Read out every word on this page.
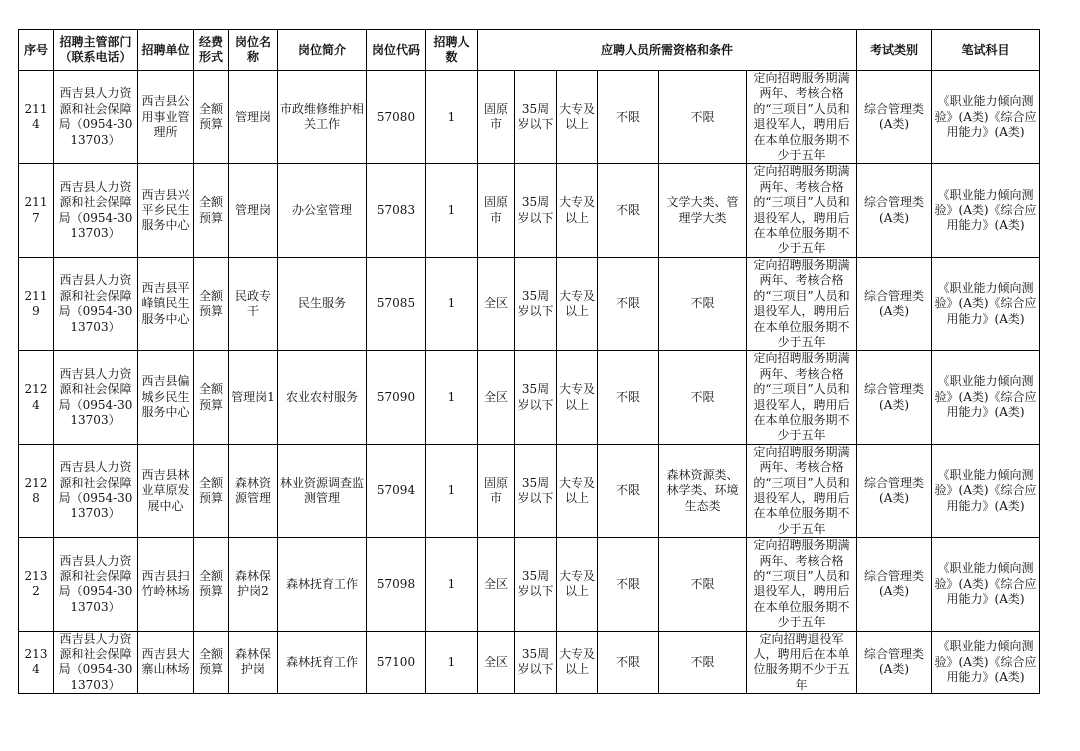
序号	招聘主管部门（联系电话）	招聘单位	经费形式	岗位名称	岗位简介	岗位代码	招聘人数	应聘人员所需资格和条件						考试类别	笔试科目
2114	西吉县人力资源和社会保障局（0954-3013703）	西吉县公用事业管理所	全额预算	管理岗	市政维修维护相关工作	57080	1	固原市	35周岁以下	大专及以上	不限	不限	定向招聘服务期满两年、考核合格的“三项目”人员和退役军人，聘用后在本单位服务期不少于五年	综合管理类(A类)	《职业能力倾向测验》(A类)《综合应用能力》(A类)
2117	西吉县人力资源和社会保障局（0954-3013703）	西吉县兴平乡民生服务中心	全额预算	管理岗	办公室管理	57083	1	固原市	35周岁以下	大专及以上	不限	文学大类、管理学大类	定向招聘服务期满两年、考核合格的“三项目”人员和退役军人，聘用后在本单位服务期不少于五年	综合管理类(A类)	《职业能力倾向测验》(A类)《综合应用能力》(A类)
2119	西吉县人力资源和社会保障局（0954-3013703）	西吉县平峰镇民生服务中心	全额预算	民政专干	民生服务	57085	1	全区	35周岁以下	大专及以上	不限	不限	定向招聘服务期满两年、考核合格的“三项目”人员和退役军人，聘用后在本单位服务期不少于五年	综合管理类(A类)	《职业能力倾向测验》(A类)《综合应用能力》(A类)
2124	西吉县人力资源和社会保障局（0954-3013703）	西吉县偏城乡民生服务中心	全额预算	管理岗1	农业农村服务	57090	1	全区	35周岁以下	大专及以上	不限	不限	定向招聘服务期满两年、考核合格的“三项目”人员和退役军人，聘用后在本单位服务期不少于五年	综合管理类(A类)	《职业能力倾向测验》(A类)《综合应用能力》(A类)
2128	西吉县人力资源和社会保障局（0954-3013703）	西吉县林业草原发展中心	全额预算	森林资源管理	林业资源调查监测管理	57094	1	固原市	35周岁以下	大专及以上	不限	森林资源类、林学类、环境生态类	定向招聘服务期满两年、考核合格的“三项目”人员和退役军人，聘用后在本单位服务期不少于五年	综合管理类(A类)	《职业能力倾向测验》(A类)《综合应用能力》(A类)
2132	西吉县人力资源和社会保障局（0954-3013703）	西吉县扫竹岭林场	全额预算	森林保护岗2	森林抚育工作	57098	1	全区	35周岁以下	大专及以上	不限	不限	定向招聘服务期满两年、考核合格的“三项目”人员和退役军人，聘用后在本单位服务期不少于五年	综合管理类(A类)	《职业能力倾向测验》(A类)《综合应用能力》(A类)
2134	西吉县人力资源和社会保障局（0954-3013703）	西吉县大寨山林场	全额预算	森林保护岗	森林抚育工作	57100	1	全区	35周岁以下	大专及以上	不限	不限	定向招聘退役军人，聘用后在本单位服务期不少于五年	综合管理类(A类)	《职业能力倾向测验》(A类)《综合应用能力》(A类)
